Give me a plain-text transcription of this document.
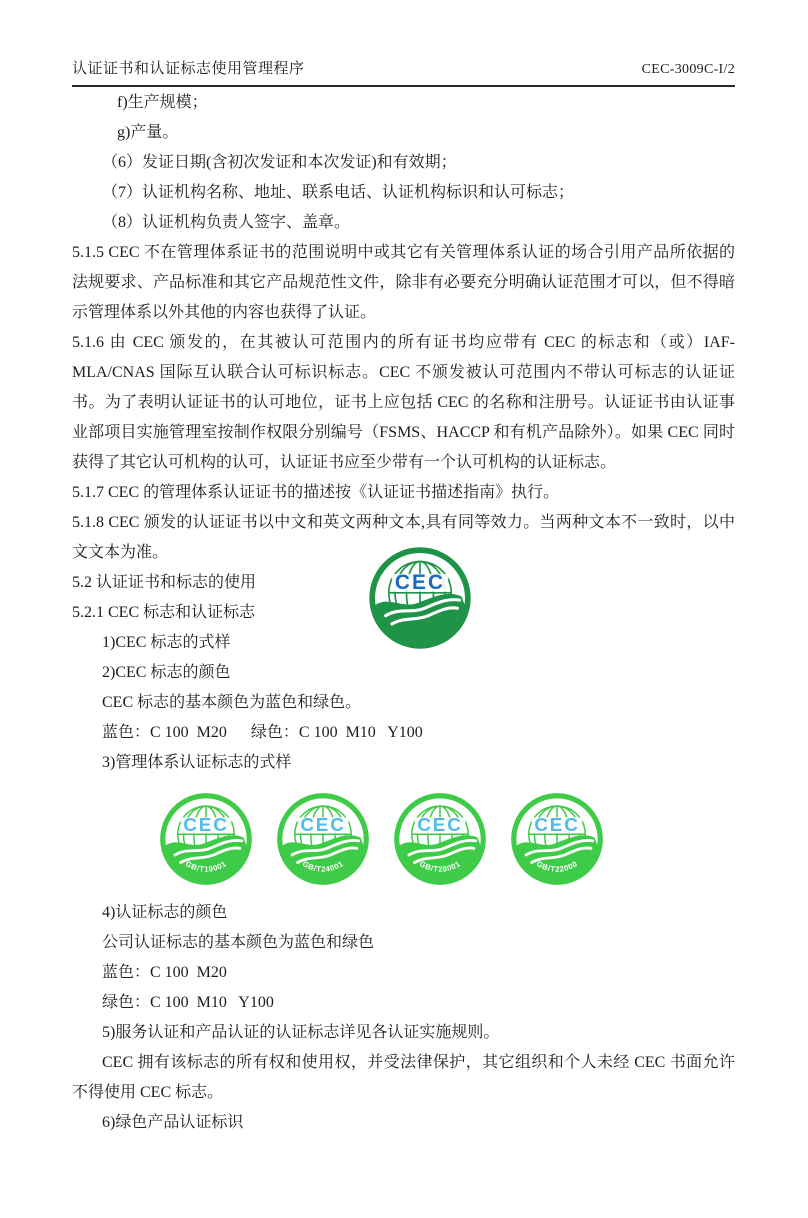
认证证书和认证标志使用管理程序	CEC-3009C-I/2
f)生产规模；
g)产量。
（6）发证日期(含初次发证和本次发证)和有效期；
（7）认证机构名称、地址、联系电话、认证机构标识和认可标志；
（8）认证机构负责人签字、盖章。
5.1.5 CEC 不在管理体系证书的范围说明中或其它有关管理体系认证的场合引用产品所依据的法规要求、产品标准和其它产品规范性文件，除非有必要充分明确认证范围才可以，但不得暗示管理体系以外其他的内容也获得了认证。
5.1.6 由 CEC 颁发的，在其被认可范围内的所有证书均应带有 CEC 的标志和（或）IAF-MLA/CNAS 国际互认联合认可标识标志。CEC 不颁发被认可范围内不带认可标志的认证证书。为了表明认证证书的认可地位，证书上应包括 CEC 的名称和注册号。认证证书由认证事业部项目实施管理室按制作权限分别编号（FSMS、HACCP 和有机产品除外）。如果 CEC 同时获得了其它认可机构的认可，认证证书应至少带有一个认可机构的认证标志。
5.1.7 CEC 的管理体系认证证书的描述按《认证证书描述指南》执行。
5.1.8 CEC 颁发的认证证书以中文和英文两种文本,具有同等效力。当两种文本不一致时，以中文文本为准。
5.2 认证证书和标志的使用
5.2.1 CEC 标志和认证标志
1)CEC 标志的式样
2)CEC 标志的颜色
CEC 标志的基本颜色为蓝色和绿色。
蓝色：C 100  M20      绿色：C 100  M10   Y100
3)管理体系认证标志的式样
CEC
GB/T19001
CEC
GB/T24001
CEC
GB/T28001
CEC
GB/T22000
4)认证标志的颜色
公司认证标志的基本颜色为蓝色和绿色
蓝色：C 100  M20
绿色：C 100  M10   Y100
5)服务认证和产品认证的认证标志详见各认证实施规则。
CEC 拥有该标志的所有权和使用权，并受法律保护，其它组织和个人未经 CEC 书面允许不得使用 CEC 标志。
6)绿色产品认证标识
CEC
